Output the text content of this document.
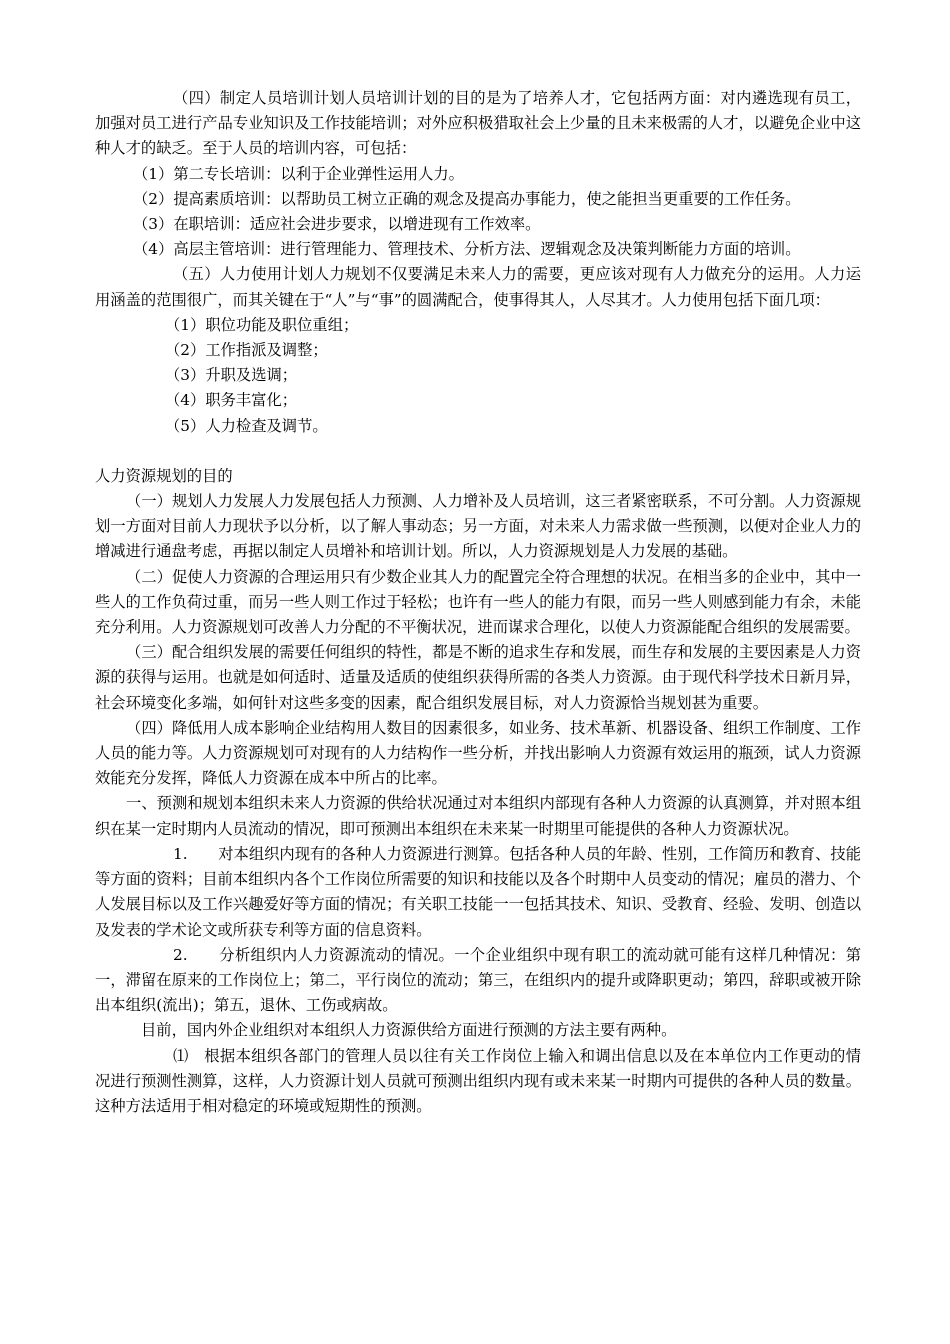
（四）制定人员培训计划人员培训计划的目的是为了培养人才，它包括两方面：对内遴选现有员工，加强对员工进行产品专业知识及工作技能培训；对外应积极猎取社会上少量的且未来极需的人才，以避免企业中这种人才的缺乏。至于人员的培训内容，可包括：

（1）第二专长培训：以利于企业弹性运用人力。

（2）提高素质培训：以帮助员工树立正确的观念及提高办事能力，使之能担当更重要的工作任务。

（3）在职培训：适应社会进步要求，以增进现有工作效率。

（4）高层主管培训：进行管理能力、管理技术、分析方法、逻辑观念及决策判断能力方面的培训。

（五）人力使用计划人力规划不仅要满足未来人力的需要，更应该对现有人力做充分的运用。人力运用涵盖的范围很广，而其关键在于“人”与“事”的圆满配合，使事得其人，人尽其才。人力使用包括下面几项：

（1）职位功能及职位重组；

（2）工作指派及调整；

（3）升职及选调；

（4）职务丰富化；

（5）人力检查及调节。

人力资源规划的目的

（一）规划人力发展人力发展包括人力预测、人力增补及人员培训，这三者紧密联系，不可分割。人力资源规划一方面对目前人力现状予以分析，以了解人事动态；另一方面，对未来人力需求做一些预测，以便对企业人力的增减进行通盘考虑，再据以制定人员增补和培训计划。所以，人力资源规划是人力发展的基础。

（二）促使人力资源的合理运用只有少数企业其人力的配置完全符合理想的状况。在相当多的企业中，其中一些人的工作负荷过重，而另一些人则工作过于轻松；也许有一些人的能力有限，而另一些人则感到能力有余，未能充分利用。人力资源规划可改善人力分配的不平衡状况，进而谋求合理化，以使人力资源能配合组织的发展需要。

（三）配合组织发展的需要任何组织的特性，都是不断的追求生存和发展，而生存和发展的主要因素是人力资源的获得与运用。也就是如何适时、适量及适质的使组织获得所需的各类人力资源。由于现代科学技术日新月异，社会环境变化多端，如何针对这些多变的因素，配合组织发展目标，对人力资源恰当规划甚为重要。

（四）降低用人成本影响企业结构用人数目的因素很多，如业务、技术革新、机器设备、组织工作制度、工作人员的能力等。人力资源规划可对现有的人力结构作一些分析，并找出影响人力资源有效运用的瓶颈，试人力资源效能充分发挥，降低人力资源在成本中所占的比率。

一、预测和规划本组织未来人力资源的供给状况通过对本组织内部现有各种人力资源的认真测算，并对照本组织在某一定时期内人员流动的情况，即可预测出本组织在未来某一时期里可能提供的各种人力资源状况。

1.　　对本组织内现有的各种人力资源进行测算。包括各种人员的年龄、性别，工作简历和教育、技能等方面的资料；目前本组织内各个工作岗位所需要的知识和技能以及各个时期中人员变动的情况；雇员的潜力、个人发展目标以及工作兴趣爱好等方面的情况；有关职工技能一一包括其技术、知识、受教育、经验、发明、创造以及发表的学术论文或所获专利等方面的信息资料。

2.　　分析组织内人力资源流动的情况。一个企业组织中现有职工的流动就可能有这样几种情况：第一，滞留在原来的工作岗位上；第二，平行岗位的流动；第三，在组织内的提升或降职更动；第四，辞职或被开除出本组织(流出)；第五，退休、工伤或病故。

目前，国内外企业组织对本组织人力资源供给方面进行预测的方法主要有两种。

⑴　根据本组织各部门的管理人员以往有关工作岗位上输入和调出信息以及在本单位内工作更动的情况进行预测性测算，这样，人力资源计划人员就可预测出组织内现有或未来某一时期内可提供的各种人员的数量。这种方法适用于相对稳定的环境或短期性的预测。
